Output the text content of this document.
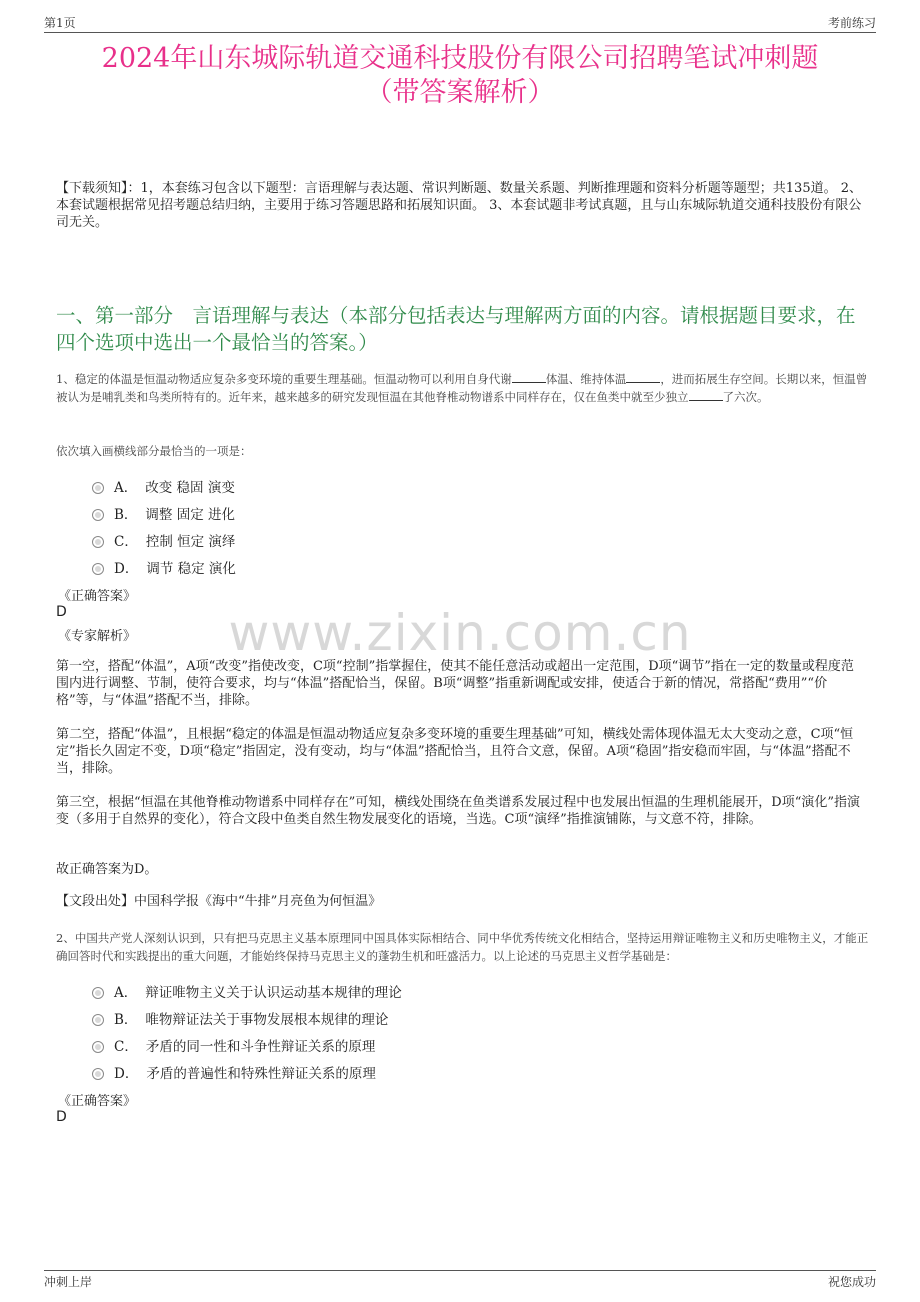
第1页	考前练习
2024年山东城际轨道交通科技股份有限公司招聘笔试冲刺题
（带答案解析）
【下载须知】：1，本套练习包含以下题型：言语理解与表达题、常识判断题、数量关系题、判断推理题和资料分析题等题型；共135道。 2、本套试题根据常见招考题总结归纳，主要用于练习答题思路和拓展知识面。 3、本套试题非考试真题，且与山东城际轨道交通科技股份有限公司无关。
一、第一部分　言语理解与表达（本部分包括表达与理解两方面的内容。请根据题目要求，在四个选项中选出一个最恰当的答案。）
1、稳定的体温是恒温动物适应复杂多变环境的重要生理基础。恒温动物可以利用自身代谢	体温、维持体温	，进而拓展生存空间。长期以来，恒温曾被认为是哺乳类和鸟类所特有的。近年来，越来越多的研究发现恒温在其他脊椎动物谱系中同样存在，仅在鱼类中就至少独立	了六次。
依次填入画横线部分最恰当的一项是：
A． 改变 稳固 演变
B． 调整 固定 进化
C． 控制 恒定 演绎
D． 调节 稳定 演化
《正确答案》
D
《专家解析》	www.zixin.com.cn
第一空，搭配“体温”，A项“改变”指使改变，C项“控制”指掌握住，使其不能任意活动或超出一定范围，D项“调节”指在一定的数量或程度范围内进行调整、节制，使符合要求，均与“体温”搭配恰当，保留。B项“调整”指重新调配或安排，使适合于新的情况，常搭配“费用”“价格”等，与“体温”搭配不当，排除。
第二空，搭配“体温”，且根据“稳定的体温是恒温动物适应复杂多变环境的重要生理基础”可知，横线处需体现体温无太大变动之意，C项“恒定”指长久固定不变，D项“稳定”指固定，没有变动，均与“体温”搭配恰当，且符合文意，保留。A项“稳固”指安稳而牢固，与“体温”搭配不当，排除。
第三空，根据“恒温在其他脊椎动物谱系中同样存在”可知，横线处围绕在鱼类谱系发展过程中也发展出恒温的生理机能展开，D项“演化”指演变（多用于自然界的变化），符合文段中鱼类自然生物发展变化的语境，当选。C项“演绎”指推演铺陈，与文意不符，排除。
故正确答案为D。
【文段出处】中国科学报《海中“牛排”月亮鱼为何恒温》
2、中国共产党人深刻认识到，只有把马克思主义基本原理同中国具体实际相结合、同中华优秀传统文化相结合，坚持运用辩证唯物主义和历史唯物主义，才能正确回答时代和实践提出的重大问题，才能始终保持马克思主义的蓬勃生机和旺盛活力。以上论述的马克思主义哲学基础是：
A． 辩证唯物主义关于认识运动基本规律的理论
B． 唯物辩证法关于事物发展根本规律的理论
C． 矛盾的同一性和斗争性辩证关系的原理
D． 矛盾的普遍性和特殊性辩证关系的原理
《正确答案》
D
冲刺上岸	祝您成功
